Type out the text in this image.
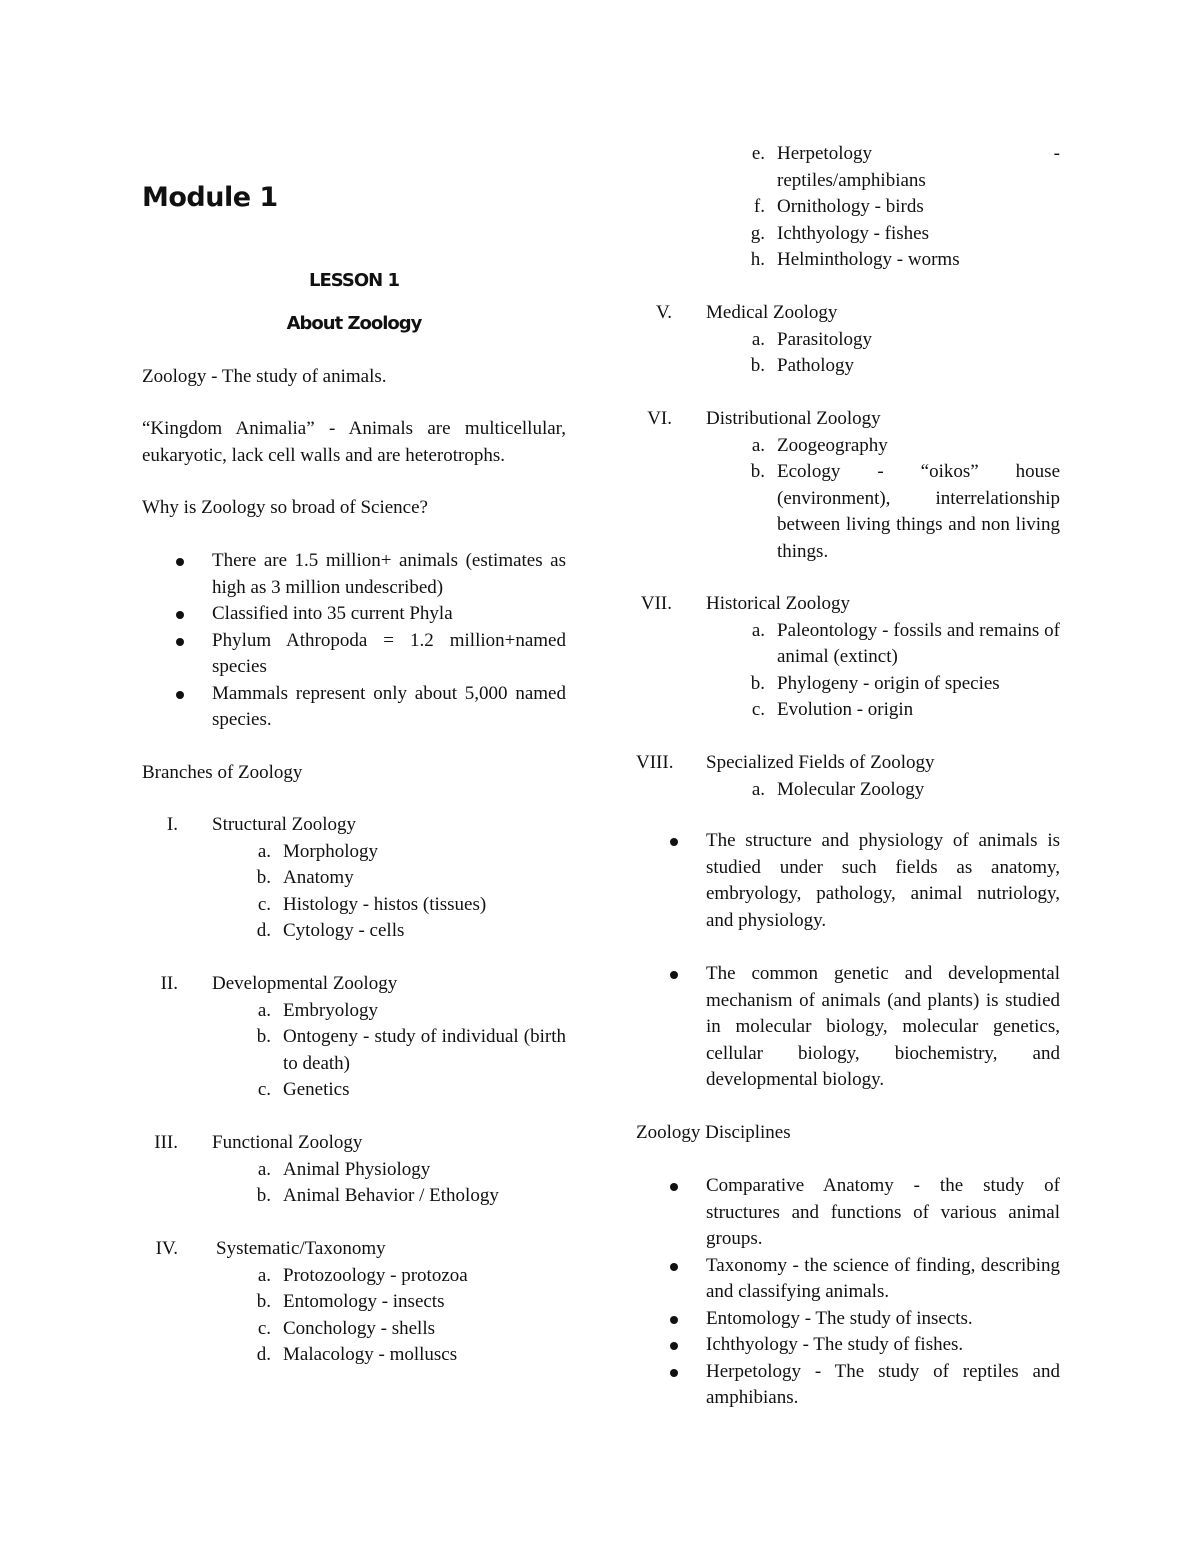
Module 1
LESSON 1
About Zoology

Zoology - The study of animals.

“Kingdom Animalia” - Animals are multicellular, eukaryotic, lack cell walls and are heterotrophs.

Why is Zoology so broad of Science?

There are 1.5 million+ animals (estimates as high as 3 million undescribed)
Classified into 35 current Phyla
Phylum Athropoda = 1.2 million+named species
Mammals represent only about 5,000 named species.

Branches of Zoology

I. Structural Zoology
a. Morphology
b. Anatomy
c. Histology - histos (tissues)
d. Cytology - cells
II. Developmental Zoology
a. Embryology
b. Ontogeny - study of individual (birth to death)
c. Genetics
III. Functional Zoology
a. Animal Physiology
b. Animal Behavior / Ethology
IV. Systematic/Taxonomy
a. Protozoology - protozoa
b. Entomology - insects
c. Conchology - shells
d. Malacology - molluscs
e. Herpetology	-
reptiles/amphibians
f. Ornithology - birds
g. Ichthyology - fishes
h. Helminthology - worms
V. Medical Zoology
a. Parasitology
b. Pathology
VI. Distributional Zoology
a. Zoogeography
b. Ecology - “oikos” house (environment), interrelationship between living things and non living things.
VII. Historical Zoology
a. Paleontology - fossils and remains of animal (extinct)
b. Phylogeny - origin of species
c. Evolution - origin
VIII. Specialized Fields of Zoology
a. Molecular Zoology
The structure and physiology of animals is studied under such fields as anatomy, embryology, pathology, animal nutriology, and physiology.
The common genetic and developmental mechanism of animals (and plants) is studied in molecular biology, molecular genetics, cellular biology, biochemistry, and developmental biology.

Zoology Disciplines

Comparative Anatomy - the study of structures and functions of various animal groups.
Taxonomy - the science of finding, describing and classifying animals.
Entomology - The study of insects.
Ichthyology - The study of fishes.
Herpetology - The study of reptiles and amphibians.
